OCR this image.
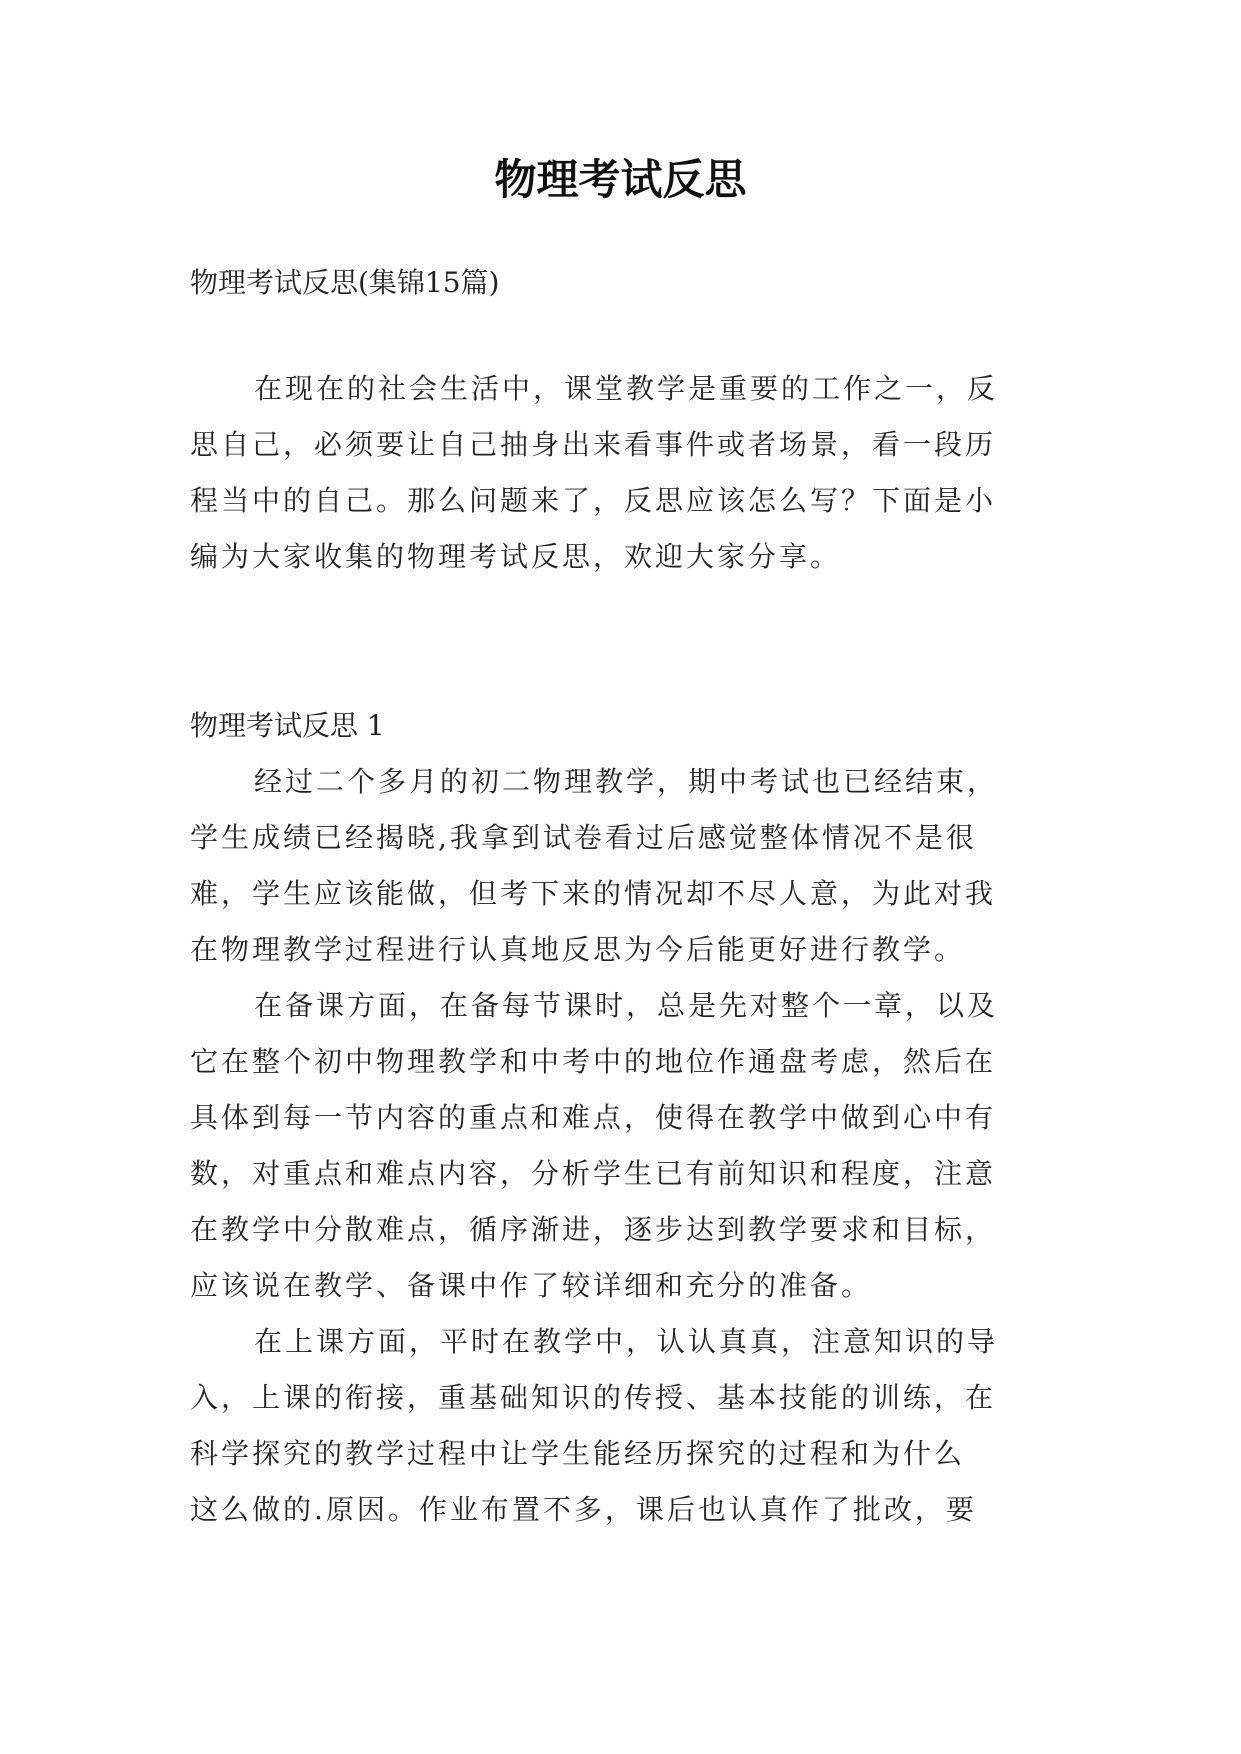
物理考试反思
物理考试反思(集锦15篇)
在现在的社会生活中，课堂教学是重要的工作之一，反
思自己，必须要让自己抽身出来看事件或者场景，看一段历
程当中的自己。那么问题来了，反思应该怎么写？下面是小
编为大家收集的物理考试反思，欢迎大家分享。
物理考试反思 1
经过二个多月的初二物理教学，期中考试也已经结束，
学生成绩已经揭晓,我拿到试卷看过后感觉整体情况不是很
难，学生应该能做，但考下来的情况却不尽人意，为此对我
在物理教学过程进行认真地反思为今后能更好进行教学。
在备课方面，在备每节课时，总是先对整个一章，以及
它在整个初中物理教学和中考中的地位作通盘考虑，然后在
具体到每一节内容的重点和难点，使得在教学中做到心中有
数，对重点和难点内容，分析学生已有前知识和程度，注意
在教学中分散难点，循序渐进，逐步达到教学要求和目标，
应该说在教学、备课中作了较详细和充分的准备。
在上课方面，平时在教学中，认认真真，注意知识的导
入，上课的衔接，重基础知识的传授、基本技能的训练，在
科学探究的教学过程中让学生能经历探究的过程和为什么
这么做的.原因。作业布置不多，课后也认真作了批改，要
